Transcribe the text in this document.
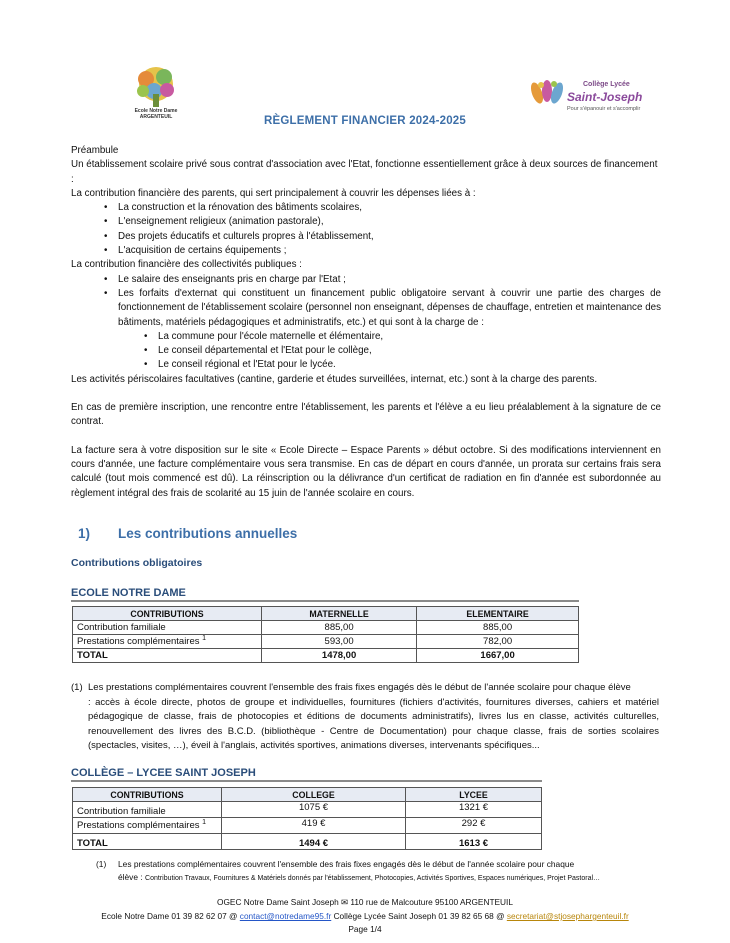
Ecole Notre Dame
ARGENTEUIL
Collège Lycée
Saint-Joseph
Pour s'épanouir et s'accomplir
RÈGLEMENT FINANCIER 2024-2025

Préambule

Un établissement scolaire privé sous contrat d'association avec l'Etat, fonctionne essentiellement grâce à deux sources de financement :

La contribution financière des parents, qui sert principalement à couvrir les dépenses liées à :

• La construction et la rénovation des bâtiments scolaires,
• L'enseignement religieux (animation pastorale),
• Des projets éducatifs et culturels propres à l'établissement,
• L'acquisition de certains équipements ;

La contribution financière des collectivités publiques :

• Le salaire des enseignants pris en charge par l'Etat ;
• Les forfaits d'externat qui constituent un financement public obligatoire servant à couvrir une partie des charges de fonctionnement de l'établissement scolaire (personnel non enseignant, dépenses de chauffage, entretien et maintenance des bâtiments, matériels pédagogiques et administratifs, etc.) et qui sont à la charge de :
• La commune pour l'école maternelle et élémentaire,
• Le conseil départemental et l'Etat pour le collège,
• Le conseil régional et l'Etat pour le lycée.

Les activités périscolaires facultatives (cantine, garderie et études surveillées, internat, etc.) sont à la charge des parents.

En cas de première inscription, une rencontre entre l'établissement, les parents et l'élève a eu lieu préalablement à la signature de ce contrat.

La facture sera à votre disposition sur le site « Ecole Directe – Espace Parents » début octobre. Si des modifications interviennent en cours d'année, une facture complémentaire vous sera transmise. En cas de départ en cours d'année, un prorata sur certains frais sera calculé (tout mois commencé est dû). La réinscription ou la délivrance d'un certificat de radiation en fin d'année est subordonnée au règlement intégral des frais de scolarité au 15 juin de l'année scolaire en cours.

1) Les contributions annuelles
Contributions obligatoires
ECOLE NOTRE DAME
CONTRIBUTIONS	MATERNELLE	ELEMENTAIRE
Contribution familiale	885,00	885,00
Prestations complémentaires $^1$	593,00	782,00
TOTAL	1478,00	1667,00
(1) Les prestations complémentaires couvrent l'ensemble des frais fixes engagés dès le début de l'année scolaire pour chaque élève
: accès à école directe, photos de groupe et individuelles, fournitures (fichiers d'activités, fournitures diverses, cahiers et matériel pédagogique de classe, frais de photocopies et éditions de documents administratifs), livres lus en classe, activités culturelles, renouvellement des livres des B.C.D. (bibliothèque - Centre de Documentation) pour chaque classe, frais de sorties scolaires (spectacles, visites, …), éveil à l'anglais, activités sportives, animations diverses, intervenants spécifiques...
COLLÈGE – LYCEE SAINT JOSEPH
CONTRIBUTIONS	COLLEGE	LYCEE
Contribution familiale	1075 €	1321 €
Prestations complémentaires $^1$	419 €	292 €
TOTAL	1494 €	1613 €
(1) Les prestations complémentaires couvrent l'ensemble des frais fixes engagés dès le début de l'année scolaire pour chaque
élève : Contribution Travaux, Fournitures & Matériels donnés par l'établissement, Photocopies, Activités Sportives, Espaces numériques, Projet Pastoral…
OGEC Notre Dame Saint Joseph ✉ 110 rue de Malcouture 95100 ARGENTEUIL
Ecole Notre Dame 01 39 82 62 07 @ contact@notredame95.fr Collège Lycée Saint Joseph 01 39 82 65 68 @ secretariat@stjosephargenteuil.fr
Page 1/4
